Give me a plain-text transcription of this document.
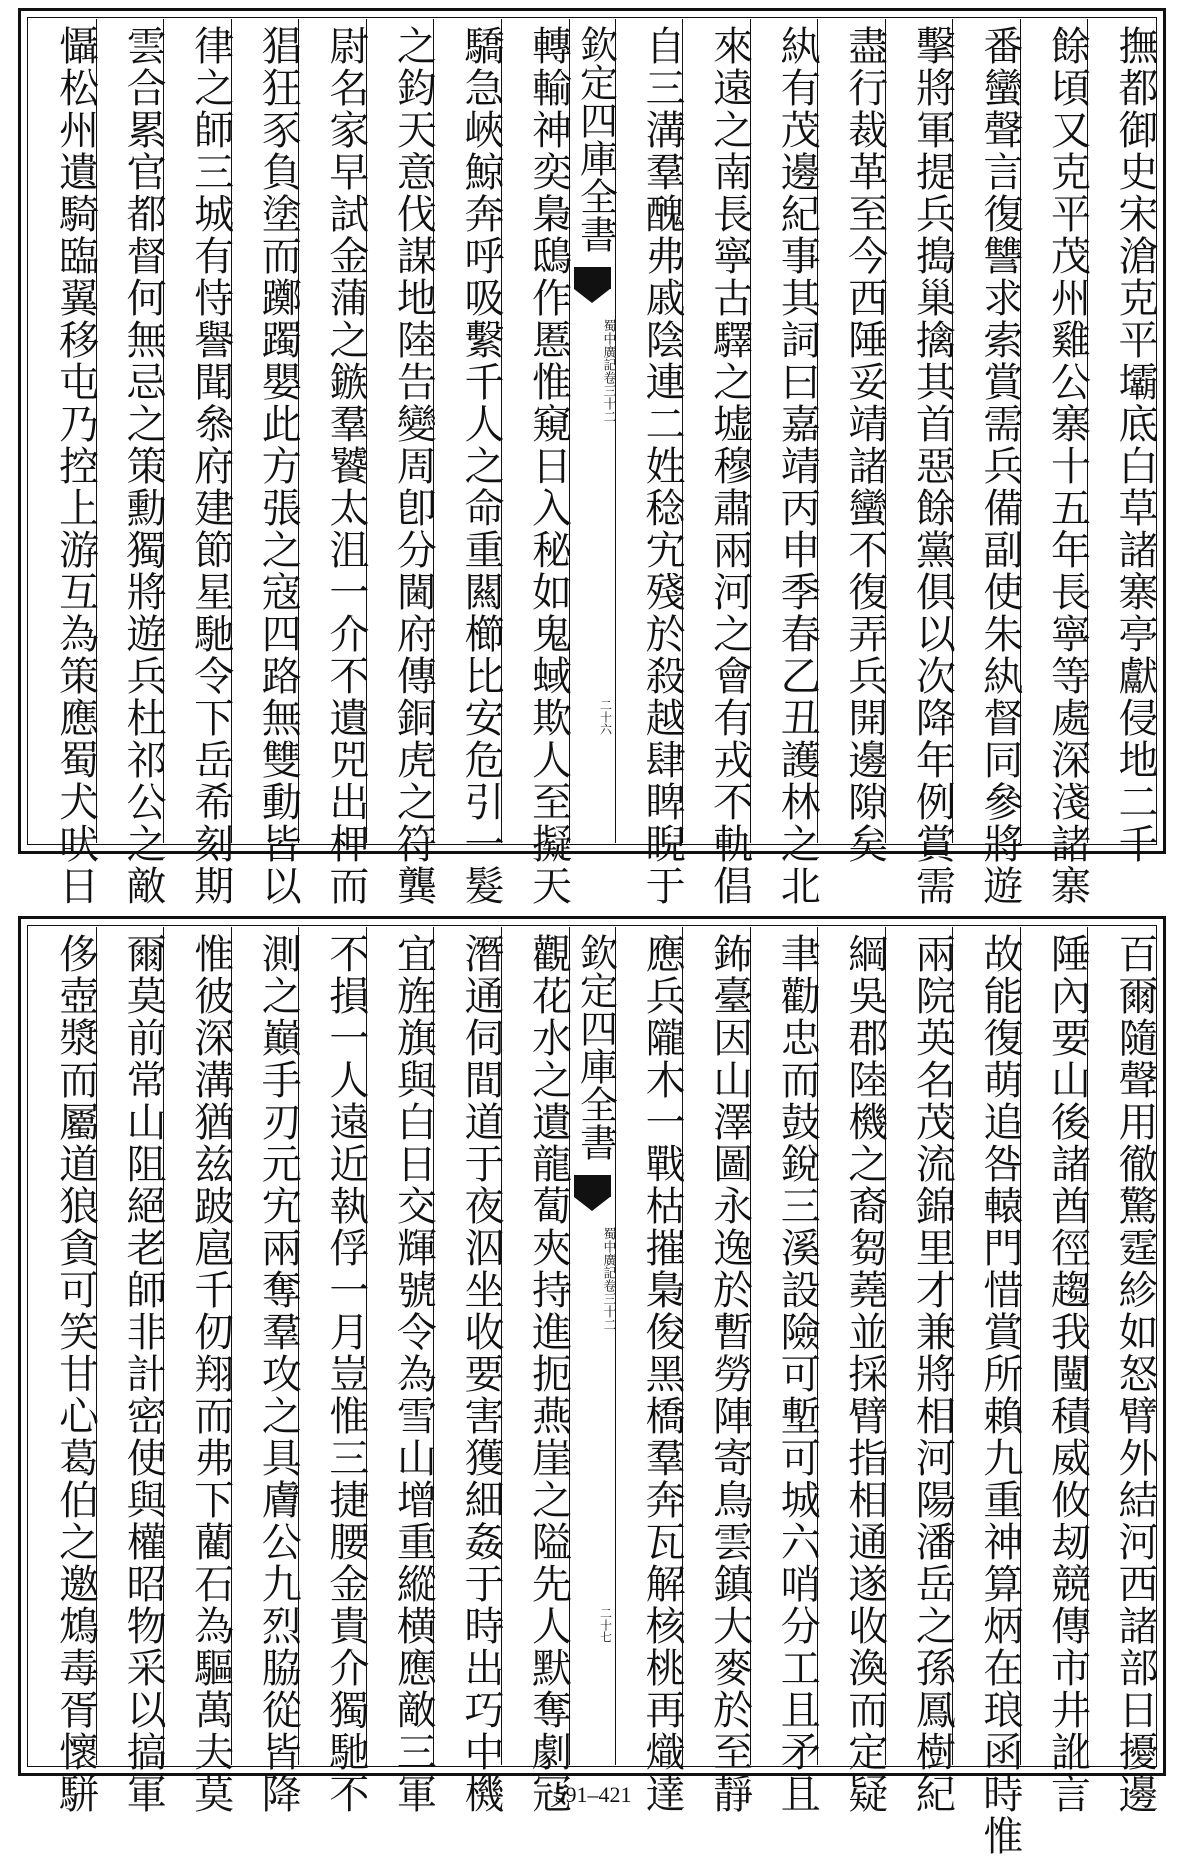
撫都御史宋滄克平壩底白草諸寨亭獻侵地二千
餘頃又克平茂州雞公寨十五年長寧等處深淺諸寨
番蠻聲言復讐求索賞需兵備副使朱紈督同參將遊
擊將軍提兵搗巢擒其首惡餘黨俱以次降年例賞需
盡行裁革至今西陲妥靖諸蠻不復弄兵開邊隙矣
紈有茂邊紀事其詞曰嘉靖丙申季春乙丑護林之北
來遠之南長寧古驛之墟穆肅兩河之會有戎不軌倡
自三溝羣醜弗戚陰連二姓稔宄殘於殺越肆睥睨于
欽定四庫全書
蜀中廣記
卷三十二
二十六
轉輸神奕梟鴟作慝惟窺日入秘如鬼蜮欺人至擬天
驕急峽鯨奔呼吸繫千人之命重闗櫛比安危引一髮
之鈞天意伐謀地陸告變周卽分閫府傳銅虎之符龔
尉名家早試金蒲之鏃羣饕太沮一介不遺兕出柙而
猖狂豕負塗而躑躅嬰此方張之寇四路無雙動皆以
律之師三城有恃譽聞叅府建節星馳令下岳希刻期
雲合累官都督何無忌之策勳獨將遊兵杜祁公之敵
懾松州遺騎臨翼移屯乃控上游互為策應蜀犬吠日
百爾隨聲用徹驚霆紾如怒臂外結河西諸部日擾邊
陲內要山後諸酋徑趨我闉積威攸刼競傳市井訛言
故能復萌追咎轅門惜賞所賴九重神算炳在琅函時惟
兩院英名茂流錦里才兼將相河陽潘岳之孫鳳樹紀
綱吳郡陸機之裔芻蕘並採臂指相通遂收渙而定疑
聿勸忠而鼓銳三溪設險可塹可城六哨分工且矛且
鈽臺因山澤圖永逸於暫勞陣寄鳥雲鎮大麥於至靜
應兵隴木一戰枯摧梟俊黑橋羣奔瓦解核桃再熾達
欽定四庫全書
蜀中廣記
卷三十二
二十七
觀花水之遺龍蔔夾持進扼燕崖之隘先人默奪劇冦
潛通伺間道于夜泅坐收要害獲細姦于時出巧中機
宜旌旗與白日交輝號令為雪山增重縱横應敵三軍
不損一人遠近執俘一月豈惟三捷腰金貴介獨馳不
測之巔手刃元宄兩奪羣攻之具膚公九烈脇從皆降
惟彼深溝猶兹跛扈千仞翔而弗下藺石為驅萬夫莫
爾莫前常山阻絕老師非計密使與權昭物采以搞軍
侈壺漿而屬道狼貪可笑甘心葛伯之邀鴆毒胥懷駢	591–421
